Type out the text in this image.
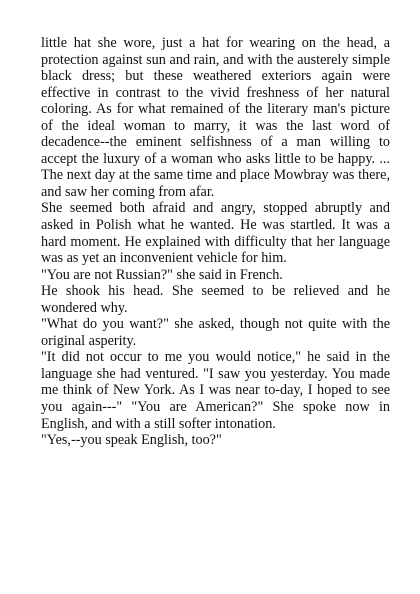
little hat she wore, just a hat for wearing on the head, a protection against sun and rain, and with the austerely simple black dress; but these weathered exteriors again were effective in contrast to the vivid freshness of her natural coloring. As for what remained of the literary man's picture of the ideal woman to marry, it was the last word of decadence--the eminent selfishness of a man willing to accept the luxury of a woman who asks little to be happy. ... The next day at the same time and place Mowbray was there, and saw her coming from afar.

She seemed both afraid and angry, stopped abruptly and asked in Polish what he wanted. He was startled. It was a hard moment. He explained with difficulty that her language was as yet an inconvenient vehicle for him.

"You are not Russian?" she said in French.

He shook his head. She seemed to be relieved and he wondered why.

"What do you want?" she asked, though not quite with the original asperity.

"It did not occur to me you would notice," he said in the language she had ventured. "I saw you yesterday. You made me think of New York. As I was near to-day, I hoped to see you again---" "You are American?" She spoke now in English, and with a still softer intonation.

"Yes,--you speak English, too?"
